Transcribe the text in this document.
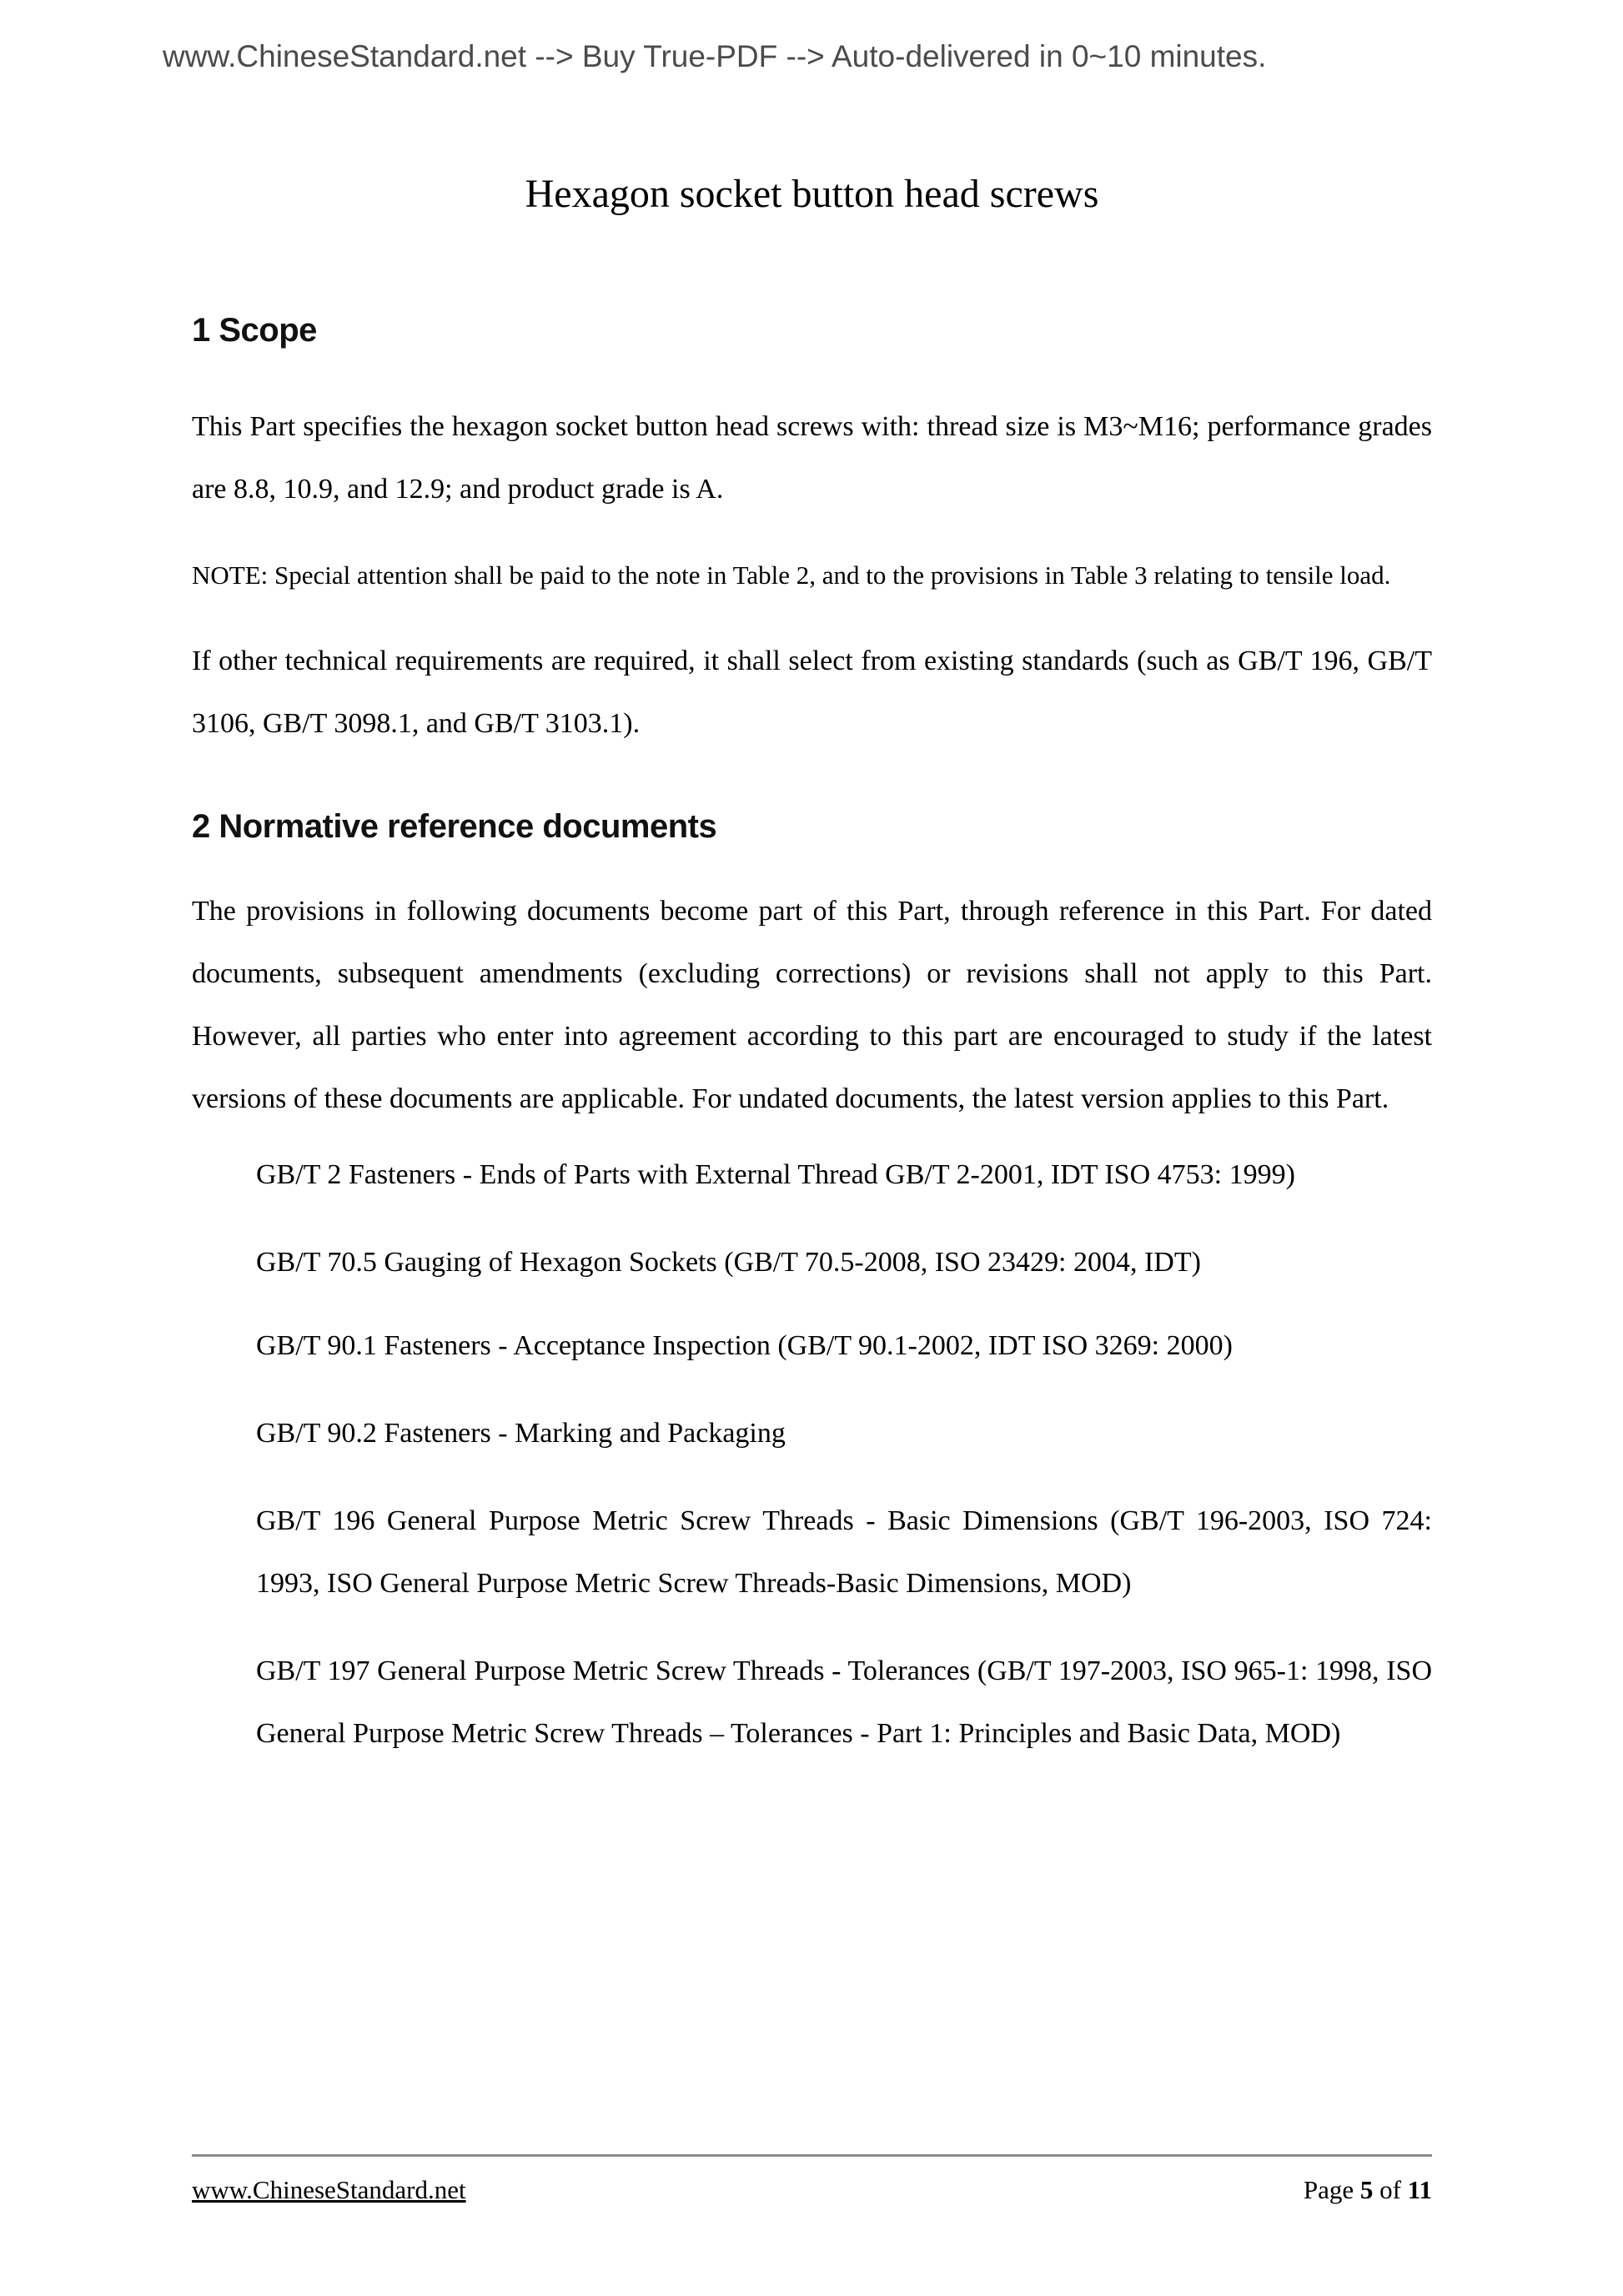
www.ChineseStandard.net --> Buy True-PDF --> Auto-delivered in 0~10 minutes.
Hexagon socket button head screws
1 Scope

This Part specifies the hexagon socket button head screws with: thread size is M3~M16; performance grades are 8.8, 10.9, and 12.9; and product grade is A.

NOTE: Special attention shall be paid to the note in Table 2, and to the provisions in Table 3 relating to tensile load.

If other technical requirements are required, it shall select from existing standards (such as GB/T 196, GB/T 3106, GB/T 3098.1, and GB/T 3103.1).

2 Normative reference documents

The provisions in following documents become part of this Part, through reference in this Part. For dated documents, subsequent amendments (excluding corrections) or revisions shall not apply to this Part. However, all parties who enter into agreement according to this part are encouraged to study if the latest versions of these documents are applicable. For undated documents, the latest version applies to this Part.

GB/T 2 Fasteners - Ends of Parts with External Thread GB/T 2-2001, IDT ISO 4753: 1999)

GB/T 70.5 Gauging of Hexagon Sockets (GB/T 70.5-2008, ISO 23429: 2004, IDT)

GB/T 90.1 Fasteners - Acceptance Inspection (GB/T 90.1-2002, IDT ISO 3269: 2000)

GB/T 90.2 Fasteners - Marking and Packaging

GB/T 196 General Purpose Metric Screw Threads - Basic Dimensions (GB/T 196-2003, ISO 724: 1993, ISO General Purpose Metric Screw Threads-Basic Dimensions, MOD)

GB/T 197 General Purpose Metric Screw Threads - Tolerances (GB/T 197-2003, ISO 965-1: 1998, ISO General Purpose Metric Screw Threads – Tolerances - Part 1: Principles and Basic Data, MOD)

www.ChineseStandard.net	Page 5 of 11
